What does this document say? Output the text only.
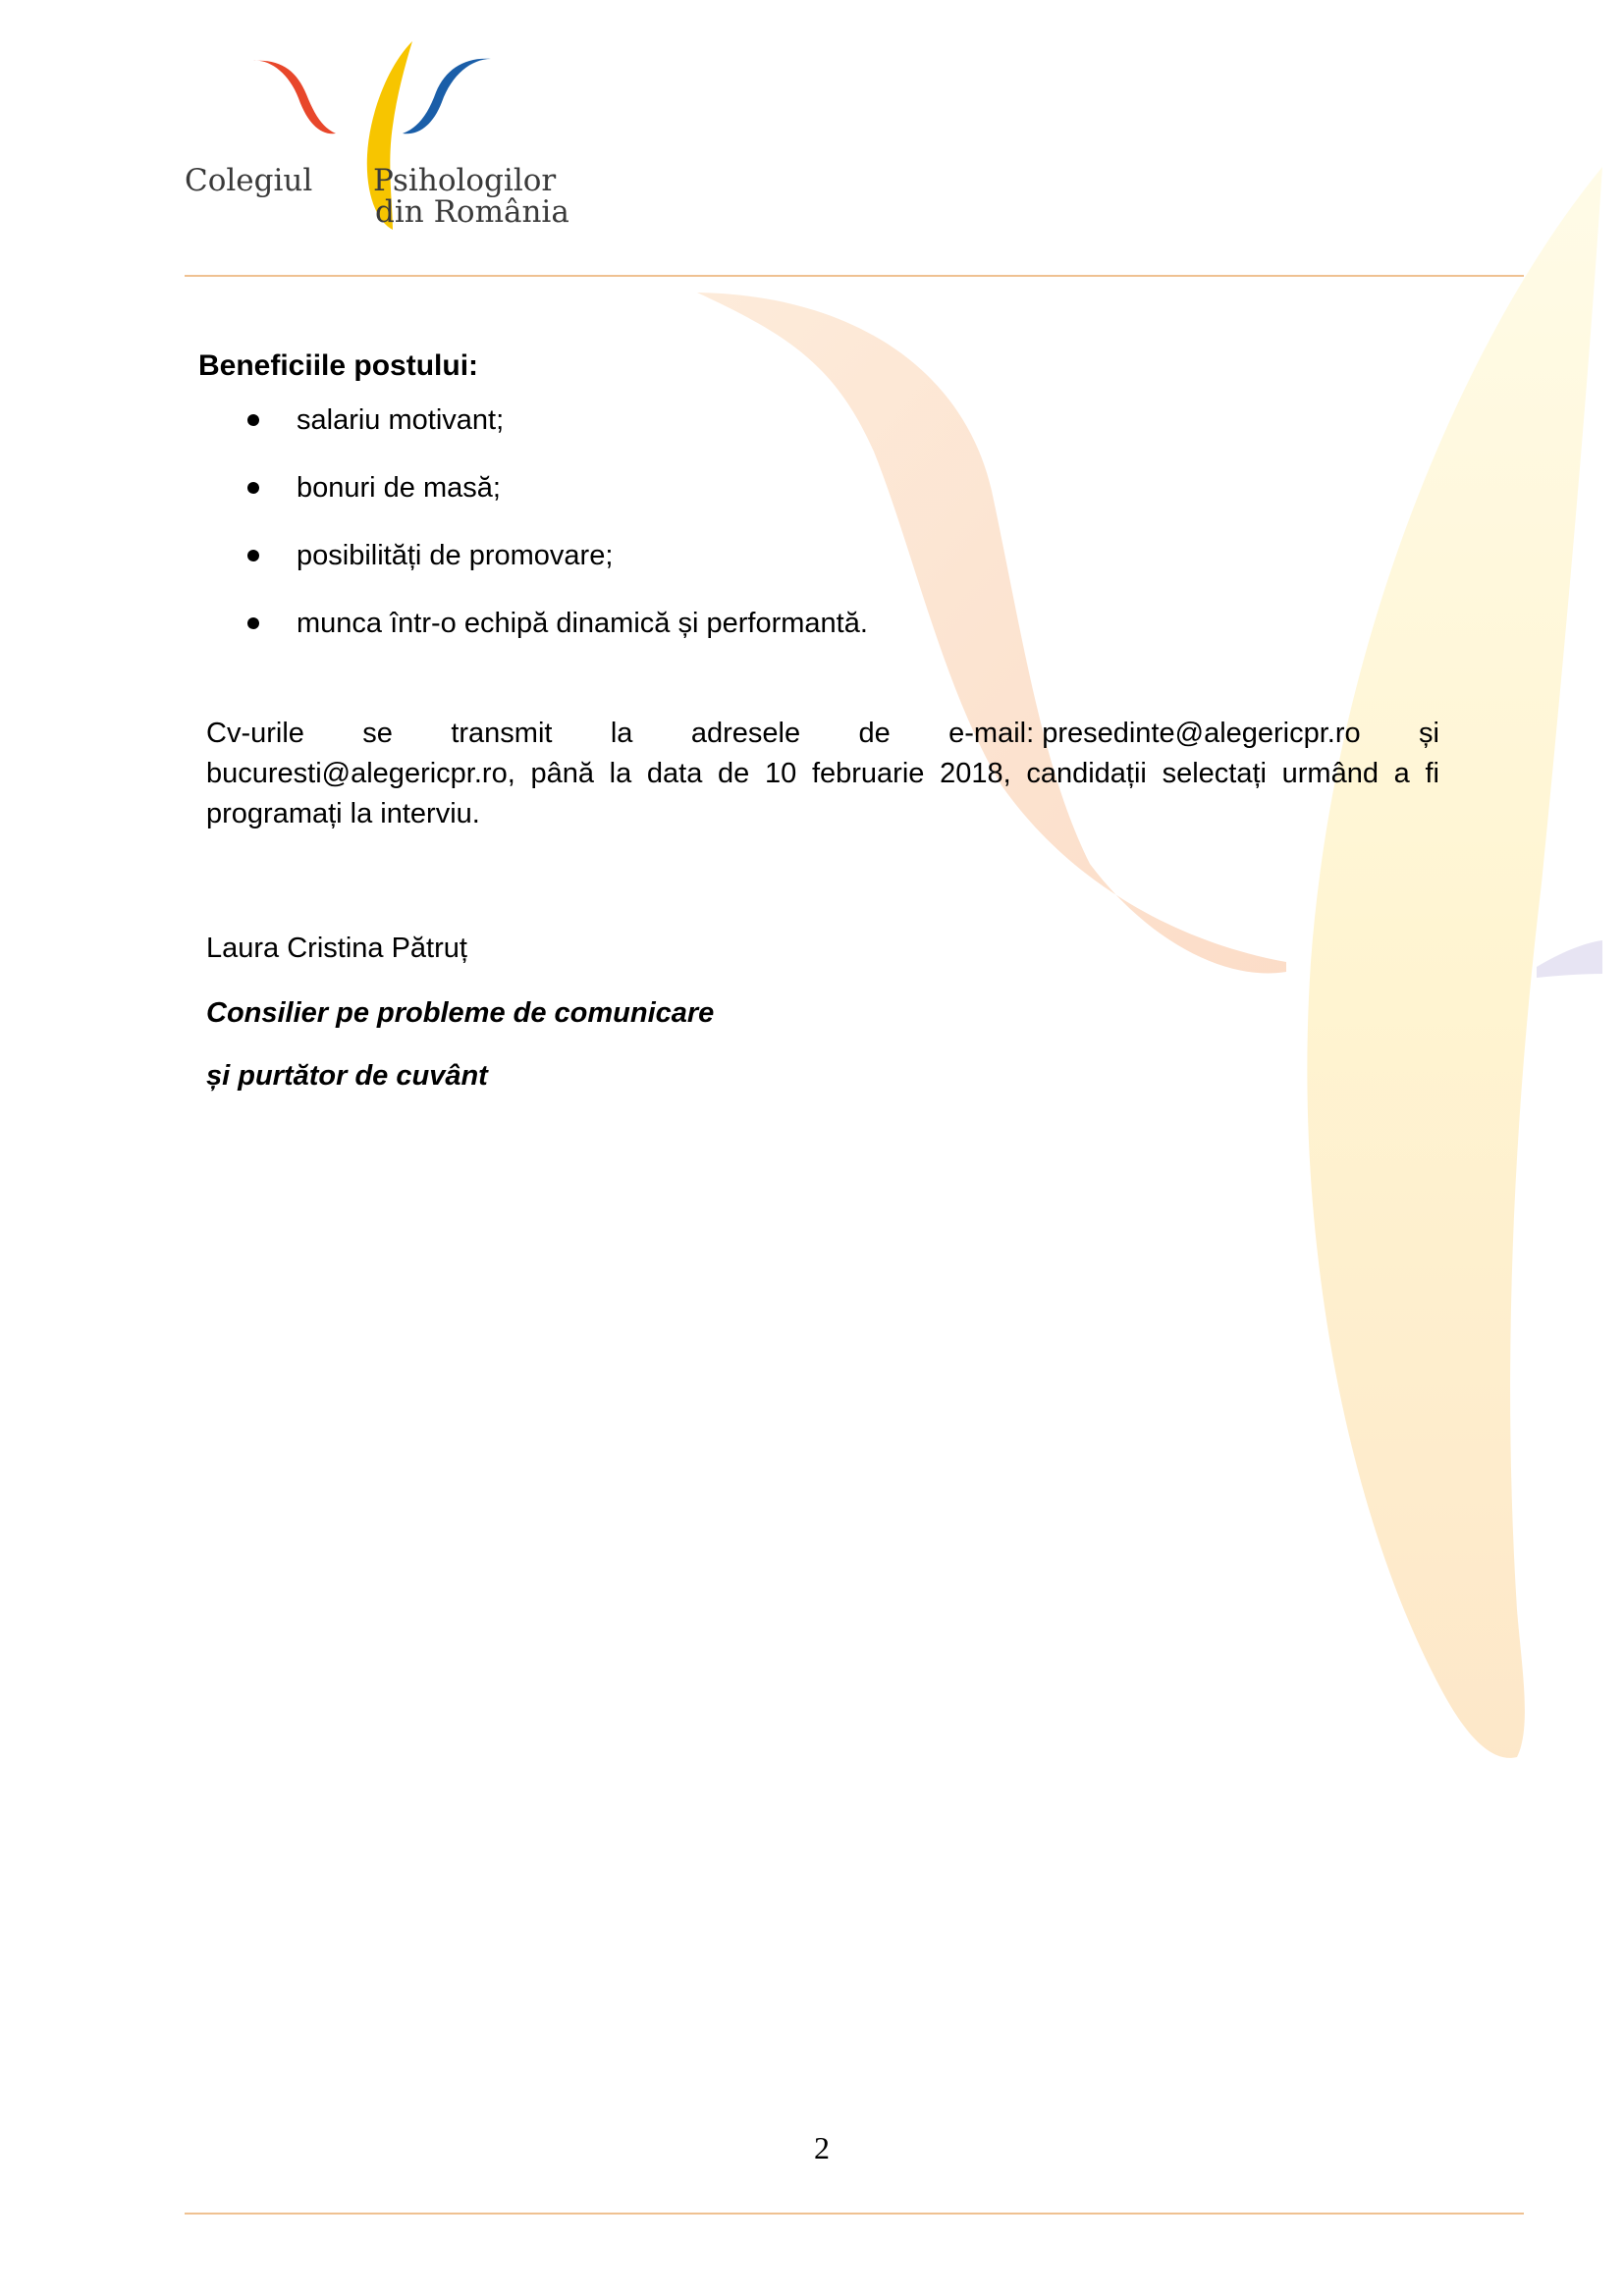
Colegiul Psihologilor
din România
Beneficiile postului:
salariu motivant;
bonuri de masă;
posibilități de promovare;
munca într-o echipă dinamică și performantă.
Cv-urile se transmit la adresele de e-mail: presedinte@alegericpr.ro și
bucuresti@alegericpr.ro, până la data de 10 februarie 2018, candidații selectați urmând a fi programați la interviu.
Laura Cristina Pătruț
Consilier pe probleme de comunicare
și purtător de cuvânt
2
